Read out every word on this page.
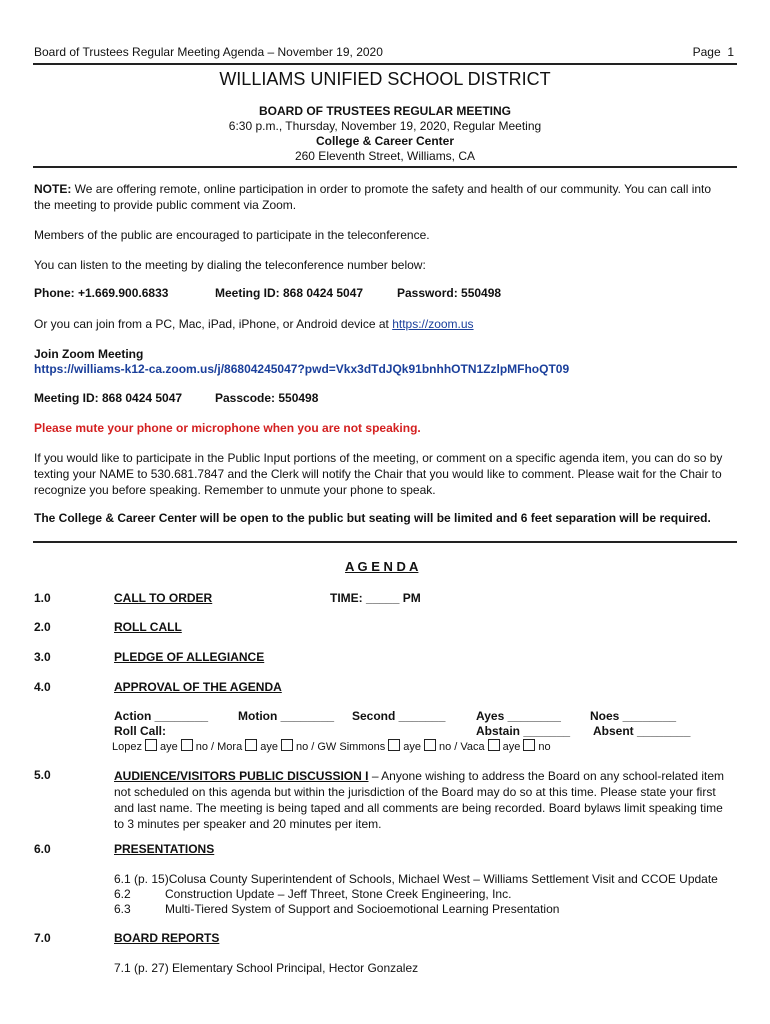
Board of Trustees Regular Meeting Agenda – November 19, 2020	Page 1
WILLIAMS UNIFIED SCHOOL DISTRICT
BOARD OF TRUSTEES REGULAR MEETING
6:30 p.m., Thursday, November 19, 2020, Regular Meeting
College & Career Center
260 Eleventh Street, Williams, CA
NOTE: We are offering remote, online participation in order to promote the safety and health of our community. You can call into the meeting to provide public comment via Zoom.
Members of the public are encouraged to participate in the teleconference.
You can listen to the meeting by dialing the teleconference number below:
Phone: +1.669.900.6833	Meeting ID: 868 0424 5047	Password: 550498
Or you can join from a PC, Mac, iPad, iPhone, or Android device at https://zoom.us
Join Zoom Meeting
https://williams-k12-ca.zoom.us/j/86804245047?pwd=Vkx3dTdJQk91bnhhOTN1ZzlpMFhoQT09
Meeting ID: 868 0424 5047	Passcode: 550498
Please mute your phone or microphone when you are not speaking.
If you would like to participate in the Public Input portions of the meeting, or comment on a specific agenda item, you can do so by texting your NAME to 530.681.7847 and the Clerk will notify the Chair that you would like to comment. Please wait for the Chair to recognize you before speaking. Remember to unmute your phone to speak.
The College & Career Center will be open to the public but seating will be limited and 6 feet separation will be required.
A G E N D A
1.0	CALL TO ORDER	TIME: _____ PM
2.0	ROLL CALL
3.0	PLEDGE OF ALLEGIANCE
4.0	APPROVAL OF THE AGENDA
Action ________ Motion ________ Second _______	Ayes ________ Noes ________
Roll Call:	Abstain _______ Absent ________
Lopez aye no / Mora aye no / GW Simmons aye no / Vaca aye no
5.0	AUDIENCE/VISITORS PUBLIC DISCUSSION I – Anyone wishing to address the Board on any school-related item not scheduled on this agenda but within the jurisdiction of the Board may do so at this time. Please state your first and last name. The meeting is being taped and all comments are being recorded. Board bylaws limit speaking time to 3 minutes per speaker and 20 minutes per item.
6.0	PRESENTATIONS
6.1 (p. 15)Colusa County Superintendent of Schools, Michael West – Williams Settlement Visit and CCOE Update
6.2	Construction Update – Jeff Threet, Stone Creek Engineering, Inc.
6.3	Multi-Tiered System of Support and Socioemotional Learning Presentation
7.0	BOARD REPORTS
7.1 (p. 27) Elementary School Principal, Hector Gonzalez
